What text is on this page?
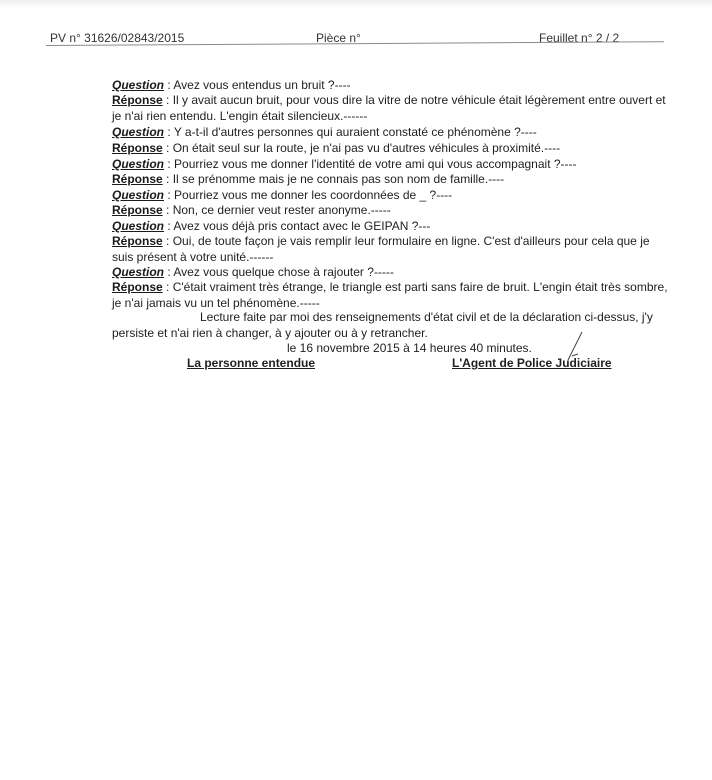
PV n° 31626/02843/2015	Pièce n°	Feuillet n° 2 / 2
Question : Avez vous entendus un bruit ?----
Réponse : Il y avait aucun bruit, pour vous dire la vitre de notre véhicule était légèrement entre ouvert et je n'ai rien entendu. L'engin était silencieux.------
Question : Y a-t-il d'autres personnes qui auraient constaté ce phénomène ?----
Réponse : On était seul sur la route, je n'ai pas vu d'autres véhicules à proximité.----
Question : Pourriez vous me donner l'identité de votre ami qui vous accompagnait ?----
Réponse : Il se prénomme mais je ne connais pas son nom de famille.----
Question : Pourriez vous me donner les coordonnées de _ ?----
Réponse : Non, ce dernier veut rester anonyme.-----
Question : Avez vous déjà pris contact avec le GEIPAN ?---
Réponse : Oui, de toute façon je vais remplir leur formulaire en ligne. C'est d'ailleurs pour cela que je suis présent à votre unité.------
Question : Avez vous quelque chose à rajouter ?-----
Réponse : C'était vraiment très étrange, le triangle est parti sans faire de bruit. L'engin était très sombre, je n'ai jamais vu un tel phénomène.-----
Lecture faite par moi des renseignements d'état civil et de la déclaration ci-dessus, j'y persiste et n'ai rien à changer, à y ajouter ou à y retrancher.
le 16 novembre 2015 à 14 heures 40 minutes.
La personne entendue	L'Agent de Police Judiciaire
